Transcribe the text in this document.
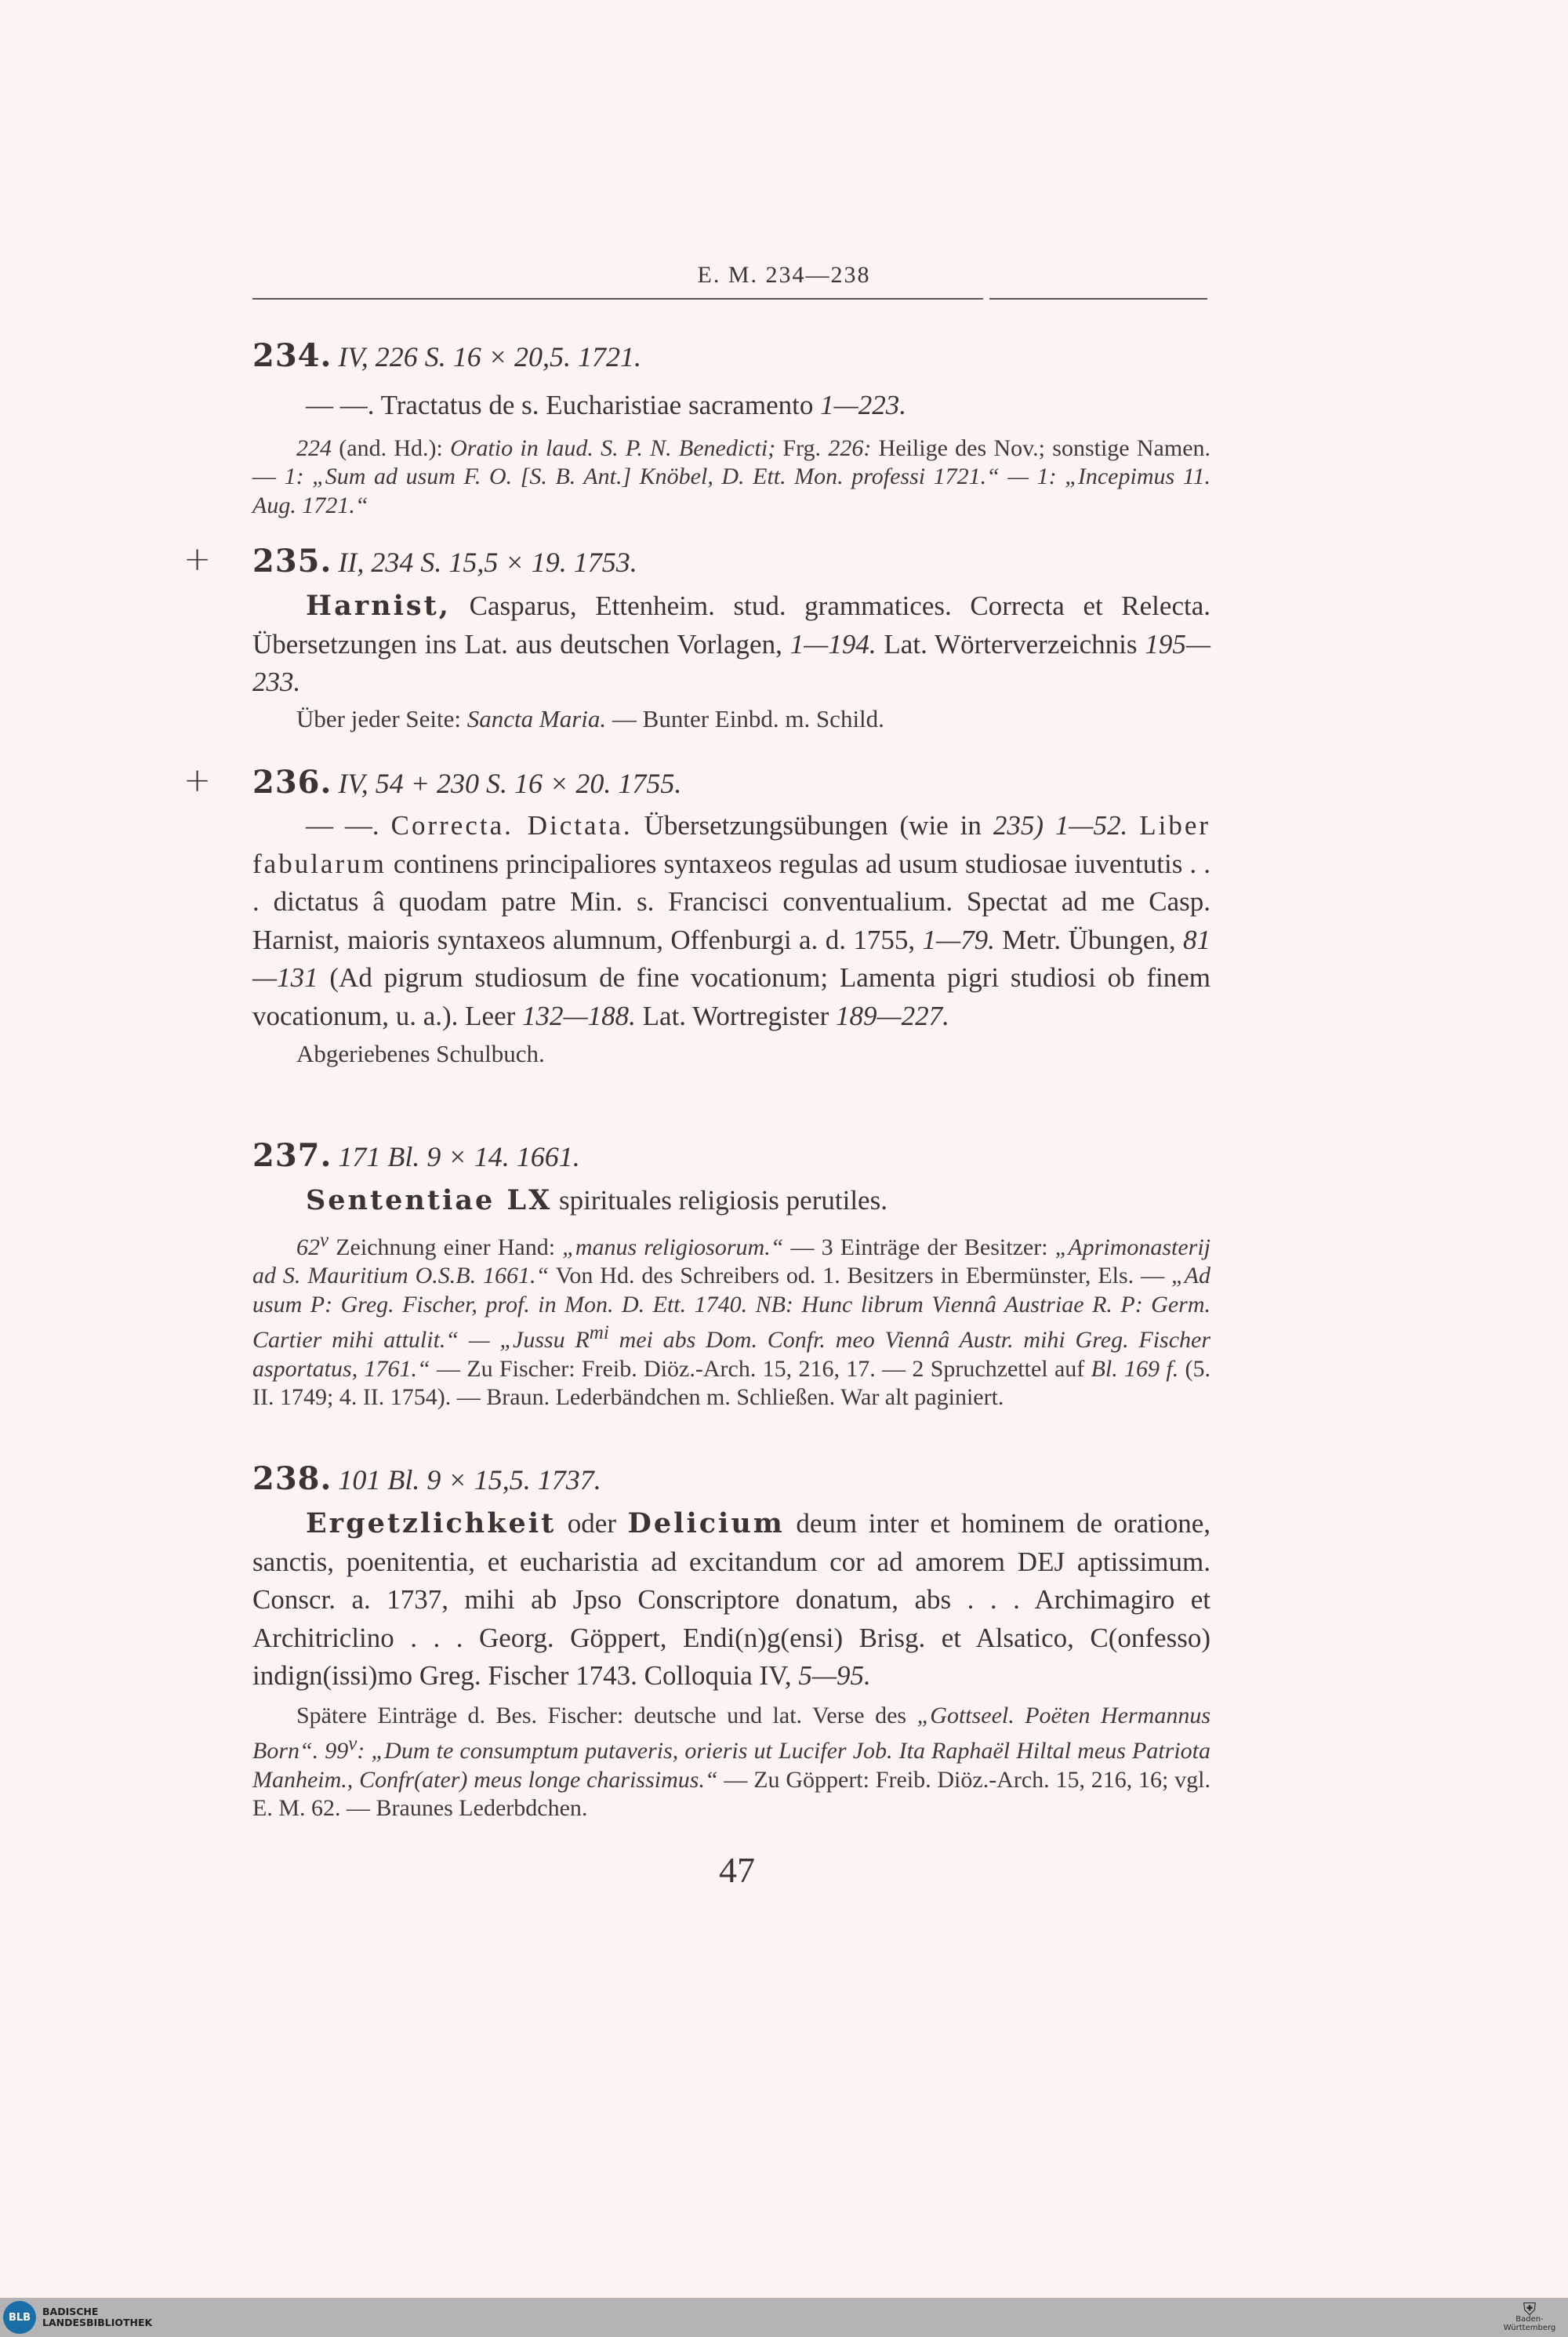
E. M. 234—238
234. IV, 226 S. 16 × 20,5. 1721.

— —. Tractatus de s. Eucharistiae sacramento 1—223.

224 (and. Hd.): Oratio in laud. S. P. N. Benedicti; Frg. 226: Heilige des Nov.; sonstige Namen. — 1: „Sum ad usum F. O. [S. B. Ant.] Knöbel, D. Ett. Mon. professi 1721.“ — 1: „Incepimus 11. Aug. 1721.“

+ 235. II, 234 S. 15,5 × 19. 1753.

Harnist, Casparus, Ettenheim. stud. grammatices. Correcta et Relecta. Übersetzungen ins Lat. aus deutschen Vorlagen, 1—194. Lat. Wörterverzeichnis 195—233.

Über jeder Seite: Sancta Maria. — Bunter Einbd. m. Schild.

+ 236. IV, 54 + 230 S. 16 × 20. 1755.

— —. Correcta. Dictata. Übersetzungsübungen (wie in 235) 1—52. Liber fabularum continens principaliores syntaxeos regulas ad usum studiosae iuventutis . . . dictatus â quodam patre Min. s. Francisci conventualium. Spectat ad me Casp. Harnist, maioris syntaxeos alumnum, Offenburgi a. d. 1755, 1—79. Metr. Übungen, 81—131 (Ad pigrum studiosum de fine vocationum; Lamenta pigri studiosi ob finem vocationum, u. a.). Leer 132—188. Lat. Wortregister 189—227.

Abgeriebenes Schulbuch.

237. 171 Bl. 9 × 14. 1661.

Sententiae LX spirituales religiosis perutiles.

62$^v$ Zeichnung einer Hand: „manus religiosorum.“ — 3 Einträge der Besitzer: „Aprimonasterij ad S. Mauritium O.S.B. 1661.“ Von Hd. des Schreibers od. 1. Besitzers in Ebermünster, Els. — „Ad usum P: Greg. Fischer, prof. in Mon. D. Ett. 1740. NB: Hunc librum Viennâ Austriae R. P: Germ. Cartier mihi attulit.“ — „Jussu $R^{mi}$ mei abs Dom. Confr. meo Viennâ Austr. mihi Greg. Fischer asportatus, 1761.“ — Zu Fischer: Freib. Diöz.-Arch. 15, 216, 17. — 2 Spruchzettel auf Bl. 169 f. (5. II. 1749; 4. II. 1754). — Braun. Lederbändchen m. Schließen. War alt paginiert.

238. 101 Bl. 9 × 15,5. 1737.

Ergetzlichkeit oder Delicium deum inter et hominem de oratione, sanctis, poenitentia, et eucharistia ad excitandum cor ad amorem DEJ aptissimum. Conscr. a. 1737, mihi ab Jpso Conscriptore donatum, abs . . . Archimagiro et Architriclino . . . Georg. Göppert, Endi(n)g(ensi) Brisg. et Alsatico, C(onfesso) indign(issi)mo Greg. Fischer 1743. Colloquia IV, 5—95.

Spätere Einträge d. Bes. Fischer: deutsche und lat. Verse des „Gottseel. Poëten Hermannus Born“. 99$^v$: „Dum te consumptum putaveris, orieris ut Lucifer Job. Ita Raphaël Hiltal meus Patriota Manheim., Confr(ater) meus longe charissimus.“ — Zu Göppert: Freib. Diöz.-Arch. 15, 216, 16; vgl. E. M. 62. — Braunes Lederbdchen.

47
BLB	BADISCHE
LANDESBIBLIOTHEK
⛨
Baden-Württemberg
